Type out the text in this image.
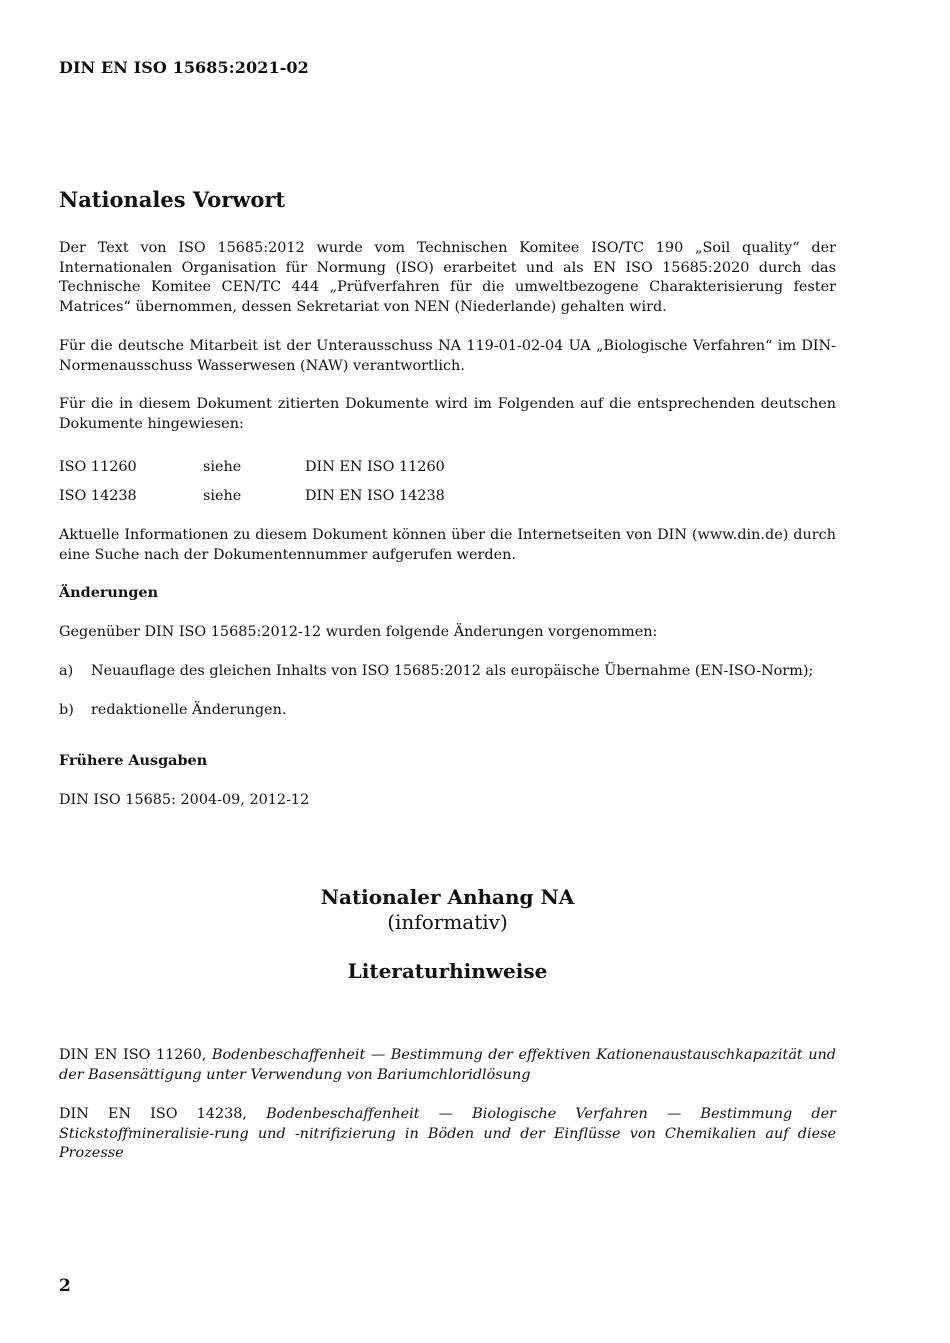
DIN EN ISO 15685:2021-02
Nationales Vorwort
Der Text von ISO 15685:2012 wurde vom Technischen Komitee ISO/TC 190 „Soil quality“ der Internationalen Organisation für Normung (ISO) erarbeitet und als EN ISO 15685:2020 durch das Technische Komitee CEN/TC 444 „Prüfverfahren für die umweltbezogene Charakterisierung fester Matrices“ übernommen, dessen Sekretariat von NEN (Niederlande) gehalten wird.
Für die deutsche Mitarbeit ist der Unterausschuss NA 119-01-02-04 UA „Biologische Verfahren“ im DIN-Normenausschuss Wasserwesen (NAW) verantwortlich.
Für die in diesem Dokument zitierten Dokumente wird im Folgenden auf die entsprechenden deutschen Dokumente hingewiesen:
ISO 11260	siehe	DIN EN ISO 11260
ISO 14238	siehe	DIN EN ISO 14238
Aktuelle Informationen zu diesem Dokument können über die Internetseiten von DIN (www.din.de) durch eine Suche nach der Dokumentennummer aufgerufen werden.
Änderungen
Gegenüber DIN ISO 15685:2012-12 wurden folgende Änderungen vorgenommen:
a) Neuauflage des gleichen Inhalts von ISO 15685:2012 als europäische Übernahme (EN-ISO-Norm);
b) redaktionelle Änderungen.
Frühere Ausgaben
DIN ISO 15685: 2004-09, 2012-12
Nationaler Anhang NA
(informativ)
Literaturhinweise
DIN EN ISO 11260, Bodenbeschaffenheit — Bestimmung der effektiven Kationenaustauschkapazität und der Basensättigung unter Verwendung von Bariumchloridlösung
DIN EN ISO 14238, Bodenbeschaffenheit — Biologische Verfahren — Bestimmung der Stickstoffmineralisie-rung und -nitrifizierung in Böden und der Einflüsse von Chemikalien auf diese Prozesse
2
